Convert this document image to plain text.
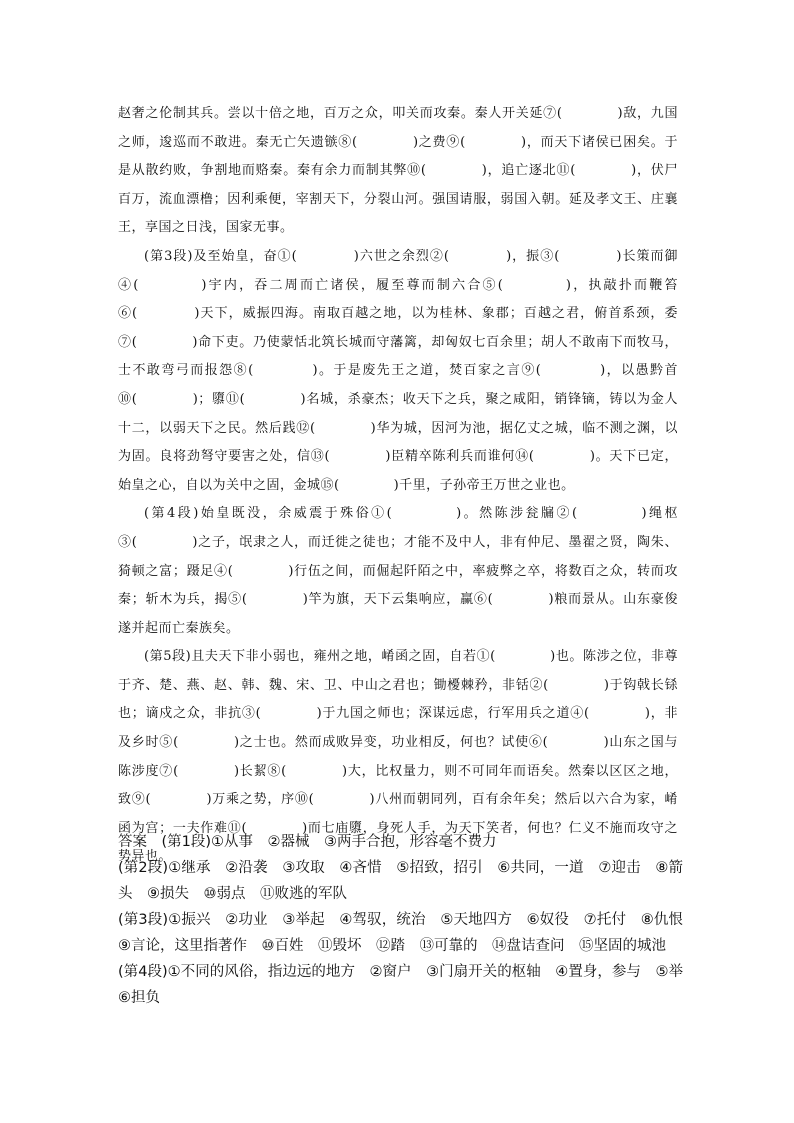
赵奢之伦制其兵。尝以十倍之地，百万之众，叩关而攻秦。秦人开关延⑦(　　　　)敌，九国之师，逡巡而不敢进。秦无亡矢遗镞⑧(　　　　)之费⑨(　　　　)，而天下诸侯已困矣。于是从散约败，争割地而赂秦。秦有余力而制其弊⑩(　　　　)，追亡逐北⑪(　　　　)，伏尸百万，流血漂橹；因利乘便，宰割天下，分裂山河。强国请服，弱国入朝。延及孝文王、庄襄王，享国之日浅，国家无事。

(第3段)及至始皇，奋①(　　　　)六世之余烈②(　　　　)，振③(　　　　)长策而御④(　　　　)宇内，吞二周而亡诸侯，履至尊而制六合⑤(　　　　)，执敲扑而鞭笞⑥(　　　　)天下，威振四海。南取百越之地，以为桂林、象郡；百越之君，俯首系颈，委⑦(　　　　)命下吏。乃使蒙恬北筑长城而守藩篱，却匈奴七百余里；胡人不敢南下而牧马，士不敢弯弓而报怨⑧(　　　　)。于是废先王之道，焚百家之言⑨(　　　　)，以愚黔首⑩(　　　　)；隳⑪(　　　　)名城，杀豪杰；收天下之兵，聚之咸阳，销锋镝，铸以为金人十二，以弱天下之民。然后践⑫(　　　　)华为城，因河为池，据亿丈之城，临不测之渊，以为固。良将劲弩守要害之处，信⑬(　　　　)臣精卒陈利兵而谁何⑭(　　　　)。天下已定，始皇之心，自以为关中之固，金城⑮(　　　　)千里，子孙帝王万世之业也。

(第4段)始皇既没，余威震于殊俗①(　　　　)。然陈涉瓮牖②(　　　　)绳枢③(　　　　)之子，氓隶之人，而迁徙之徒也；才能不及中人，非有仲尼、墨翟之贤，陶朱、猗顿之富；蹑足④(　　　　)行伍之间，而倔起阡陌之中，率疲弊之卒，将数百之众，转而攻秦；斩木为兵，揭⑤(　　　　)竿为旗，天下云集响应，赢⑥(　　　　)粮而景从。山东豪俊遂并起而亡秦族矣。

(第5段)且夫天下非小弱也，雍州之地，崤函之固，自若①(　　　　)也。陈涉之位，非尊于齐、楚、燕、赵、韩、魏、宋、卫、中山之君也；锄櫌棘矜，非铦②(　　　　)于钩戟长铩也；谪戍之众，非抗③(　　　　)于九国之师也；深谋远虑，行军用兵之道④(　　　　)，非及乡时⑤(　　　　)之士也。然而成败异变，功业相反，何也？试使⑥(　　　　)山东之国与陈涉度⑦(　　　　)长絜⑧(　　　　)大，比权量力，则不可同年而语矣。然秦以区区之地，致⑨(　　　　)万乘之势，序⑩(　　　　)八州而朝同列，百有余年矣；然后以六合为家，崤函为宫；一夫作难⑪(　　　　)而七庙隳，身死人手，为天下笑者，何也？仁义不施而攻守之势异也。

答案　(第1段)①从事　②器械　③两手合抱，形容毫不费力

(第2段)①继承　②沿袭　③攻取　④吝惜　⑤招致，招引　⑥共同，一道　⑦迎击　⑧箭头　⑨损失　⑩弱点　⑪败逃的军队

(第3段)①振兴　②功业　③举起　④驾驭，统治　⑤天地四方　⑥奴役　⑦托付　⑧仇恨　⑨言论，这里指著作　⑩百姓　⑪毁坏　⑫踏　⑬可靠的　⑭盘诘查问　⑮坚固的城池

(第4段)①不同的风俗，指边远的地方　②窗户　③门扇开关的枢轴　④置身，参与　⑤举　⑥担负
